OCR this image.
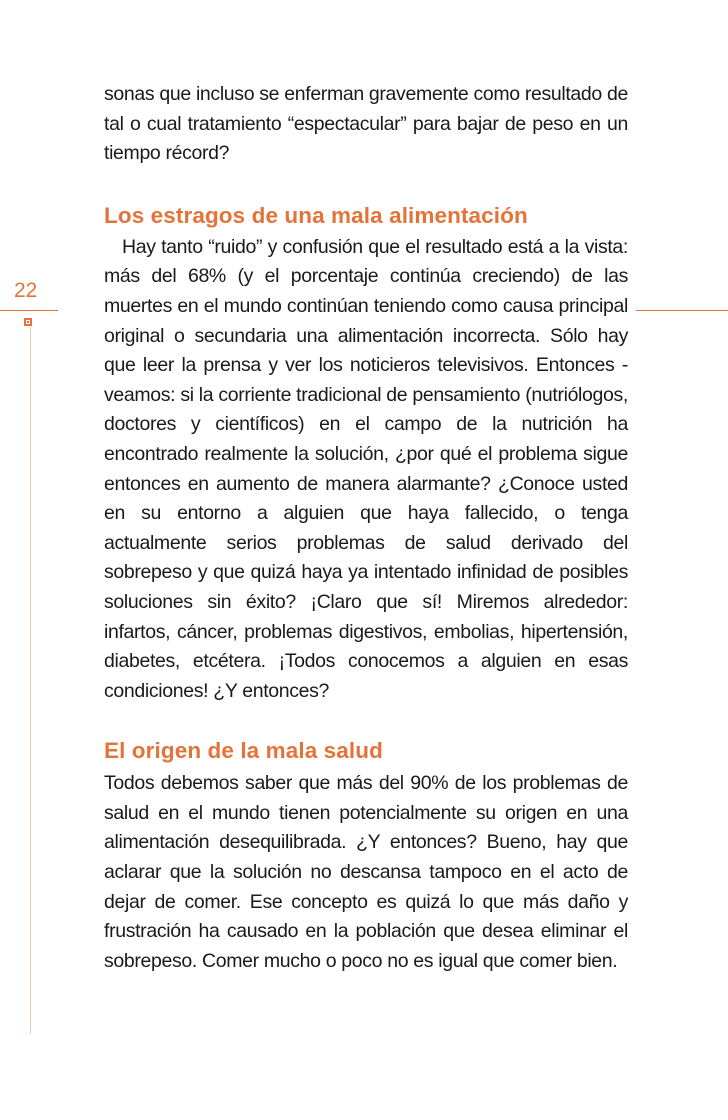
22

sonas que incluso se enferman gravemente como resultado de tal o cual tratamiento “espectacular” para bajar de peso en un tiempo récord?

Los estragos de una mala alimentación

Hay tanto “ruido” y confusión que el resultado está a la vista: más del 68% (y el porcentaje continúa creciendo) de las muertes en el mundo continúan teniendo como causa principal original o secundaria una alimentación incorrecta. Sólo hay que leer la prensa y ver los noticieros televisivos. Entonces - veamos: si la corriente tradicional de pensamiento (nutriólogos, doctores y científicos) en el campo de la nutrición ha encontrado realmente la solución, ¿por qué el problema sigue entonces en aumento de manera alarmante? ¿Conoce usted en su entorno a alguien que haya fallecido, o tenga actualmente serios problemas de salud derivado del sobrepeso y que quizá haya ya intentado infinidad de posibles soluciones sin éxito? ¡Claro que sí! Miremos alrededor: infartos, cáncer, problemas digestivos, embolias, hipertensión, diabetes, etcétera. ¡Todos conocemos a alguien en esas condiciones! ¿Y entonces?

El origen de la mala salud

Todos debemos saber que más del 90% de los problemas de salud en el mundo tienen potencialmente su origen en una alimentación desequilibrada. ¿Y entonces? Bueno, hay que aclarar que la solución no descansa tampoco en el acto de dejar de comer. Ese concepto es quizá lo que más daño y frustración ha causado en la población que desea eliminar el sobrepeso. Comer mucho o poco no es igual que comer bien.
